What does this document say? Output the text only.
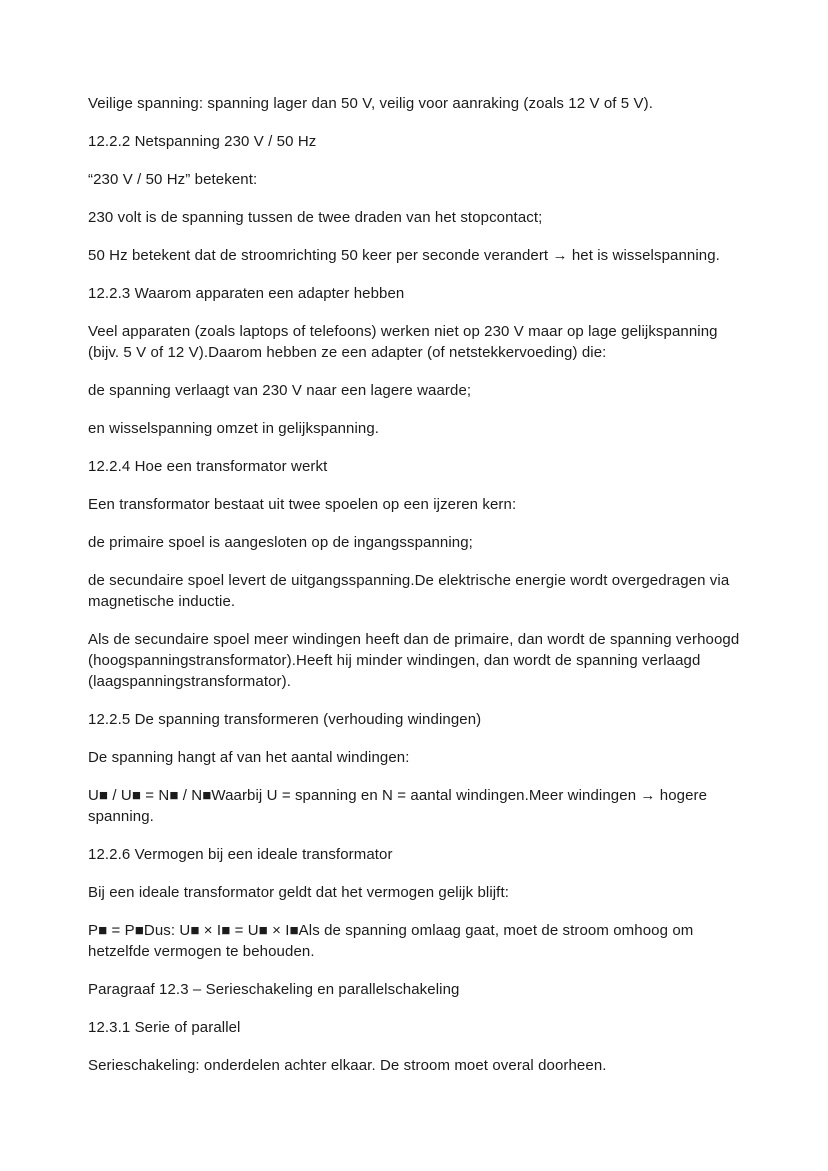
Veilige spanning: spanning lager dan 50 V, veilig voor aanraking (zoals 12 V of 5 V).

12.2.2 Netspanning 230 V / 50 Hz

“230 V / 50 Hz” betekent:

230 volt is de spanning tussen de twee draden van het stopcontact;

50 Hz betekent dat de stroomrichting 50 keer per seconde verandert → het is wisselspanning.

12.2.3 Waarom apparaten een adapter hebben

Veel apparaten (zoals laptops of telefoons) werken niet op 230 V maar op lage gelijkspanning (bijv. 5 V of 12 V).Daarom hebben ze een adapter (of netstekkervoeding) die:

de spanning verlaagt van 230 V naar een lagere waarde;

en wisselspanning omzet in gelijkspanning.

12.2.4 Hoe een transformator werkt

Een transformator bestaat uit twee spoelen op een ijzeren kern:

de primaire spoel is aangesloten op de ingangsspanning;

de secundaire spoel levert de uitgangsspanning.De elektrische energie wordt overgedragen via magnetische inductie.

Als de secundaire spoel meer windingen heeft dan de primaire, dan wordt de spanning verhoogd (hoogspanningstransformator).Heeft hij minder windingen, dan wordt de spanning verlaagd (laagspanningstransformator).

12.2.5 De spanning transformeren (verhouding windingen)

De spanning hangt af van het aantal windingen:

U■ / U■ = N■ / N■Waarbij U = spanning en N = aantal windingen.Meer windingen → hogere spanning.

12.2.6 Vermogen bij een ideale transformator

Bij een ideale transformator geldt dat het vermogen gelijk blijft:

P■ = P■Dus: U■ × I■ = U■ × I■Als de spanning omlaag gaat, moet de stroom omhoog om hetzelfde vermogen te behouden.

Paragraaf 12.3 – Serieschakeling en parallelschakeling

12.3.1 Serie of parallel

Serieschakeling: onderdelen achter elkaar. De stroom moet overal doorheen.
